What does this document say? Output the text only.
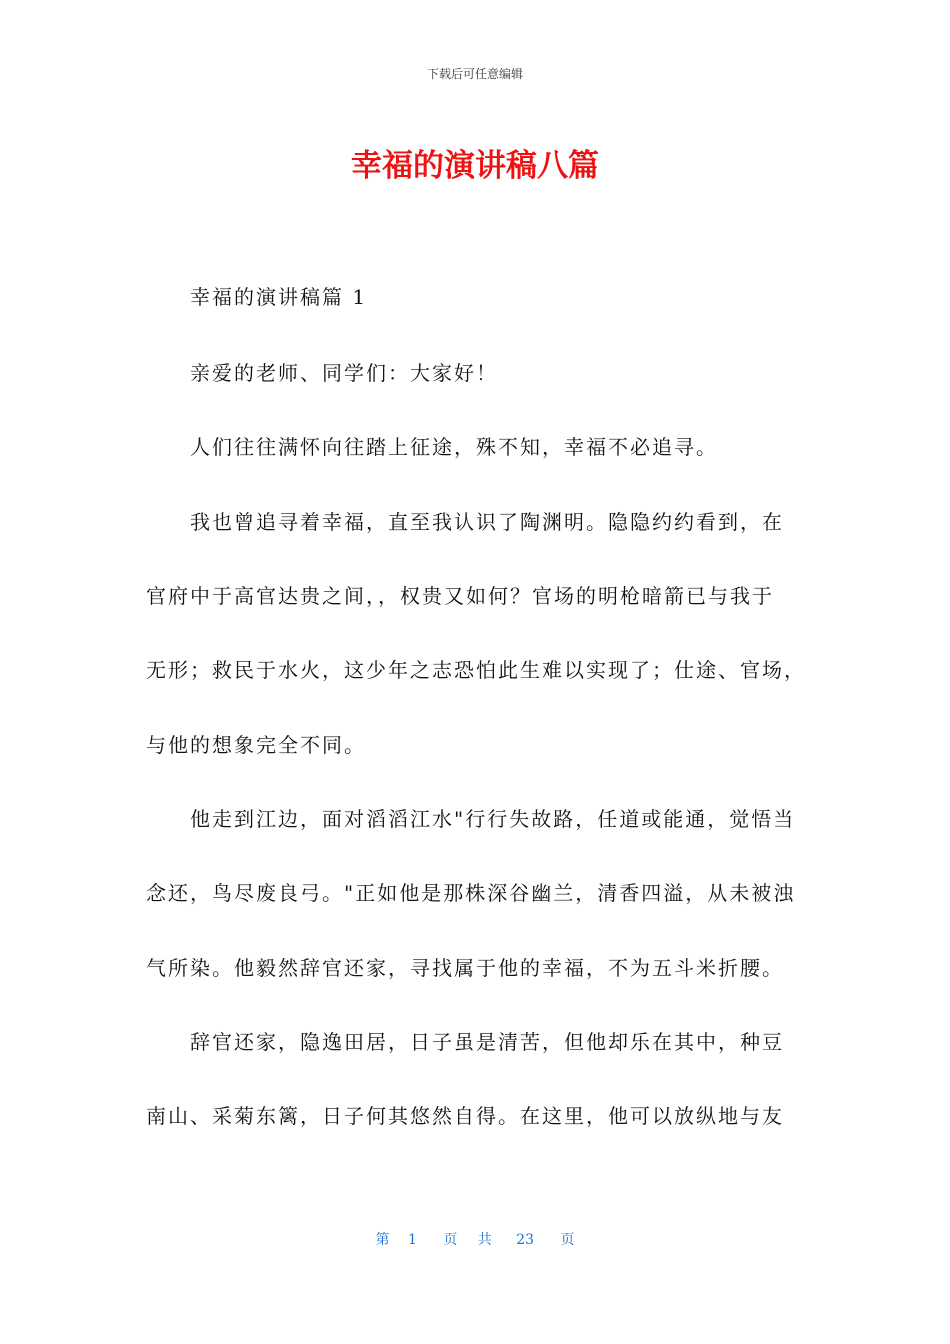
下载后可任意编辑
幸福的演讲稿八篇
幸福的演讲稿篇 1
亲爱的老师、同学们：大家好！
人们往往满怀向往踏上征途，殊不知，幸福不必追寻。
我也曾追寻着幸福，直至我认识了陶渊明。隐隐约约看到，在
官府中于高官达贵之间，，权贵又如何？官场的明枪暗箭已与我于
无形；救民于水火，这少年之志恐怕此生难以实现了；仕途、官场，
与他的想象完全不同。
他走到江边，面对滔滔江水"行行失故路，任道或能通，觉悟当
念还，鸟尽废良弓。"正如他是那株深谷幽兰，清香四溢，从未被浊
气所染。他毅然辞官还家，寻找属于他的幸福，不为五斗米折腰。
辞官还家，隐逸田居，日子虽是清苦，但他却乐在其中，种豆
南山、采菊东篱，日子何其悠然自得。在这里，他可以放纵地与友
第 1 页 共 23 页
